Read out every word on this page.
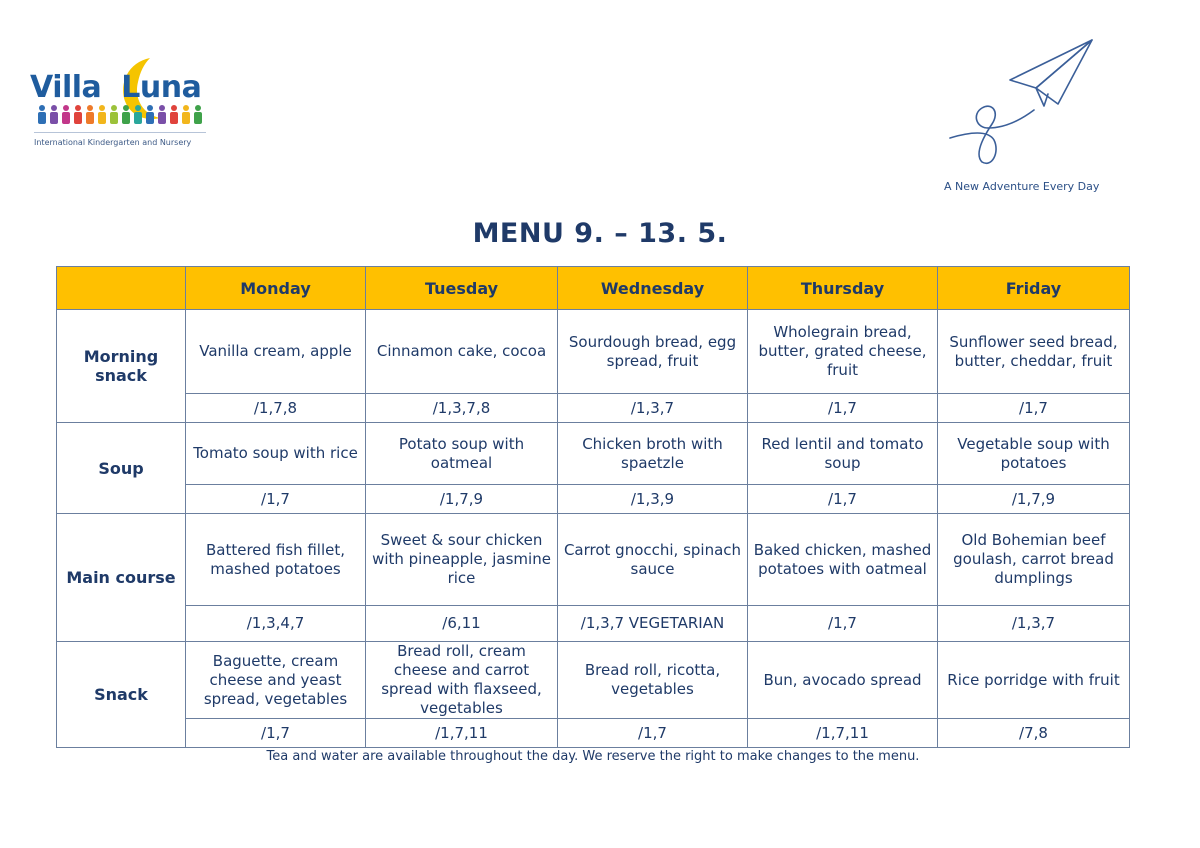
Villa Luna
International Kindergarten and Nursery
A New Adventure Every Day
MENU 9. – 13. 5.
	Monday	Tuesday	Wednesday	Thursday	Friday
Morning snack	Vanilla cream, apple	Cinnamon cake, cocoa	Sourdough bread, egg spread, fruit	Wholegrain bread, butter, grated cheese, fruit	Sunflower seed bread, butter, cheddar, fruit
	/1,7,8	/1,3,7,8	/1,3,7	/1,7	/1,7
Soup	Tomato soup with rice	Potato soup with oatmeal	Chicken broth with spaetzle	Red lentil and tomato soup	Vegetable soup with potatoes
	/1,7	/1,7,9	/1,3,9	/1,7	/1,7,9
Main course	Battered fish fillet, mashed potatoes	Sweet & sour chicken with pineapple, jasmine rice	Carrot gnocchi, spinach sauce	Baked chicken, mashed potatoes with oatmeal	Old Bohemian beef goulash, carrot bread dumplings
	/1,3,4,7	/6,11	/1,3,7 VEGETARIAN	/1,7	/1,3,7
Snack	Baguette, cream cheese and yeast spread, vegetables	Bread roll, cream cheese and carrot spread with flaxseed, vegetables	Bread roll, ricotta, vegetables	Bun, avocado spread	Rice porridge with fruit
	/1,7	/1,7,11	/1,7	/1,7,11	/7,8
Tea and water are available throughout the day. We reserve the right to make changes to the menu.
